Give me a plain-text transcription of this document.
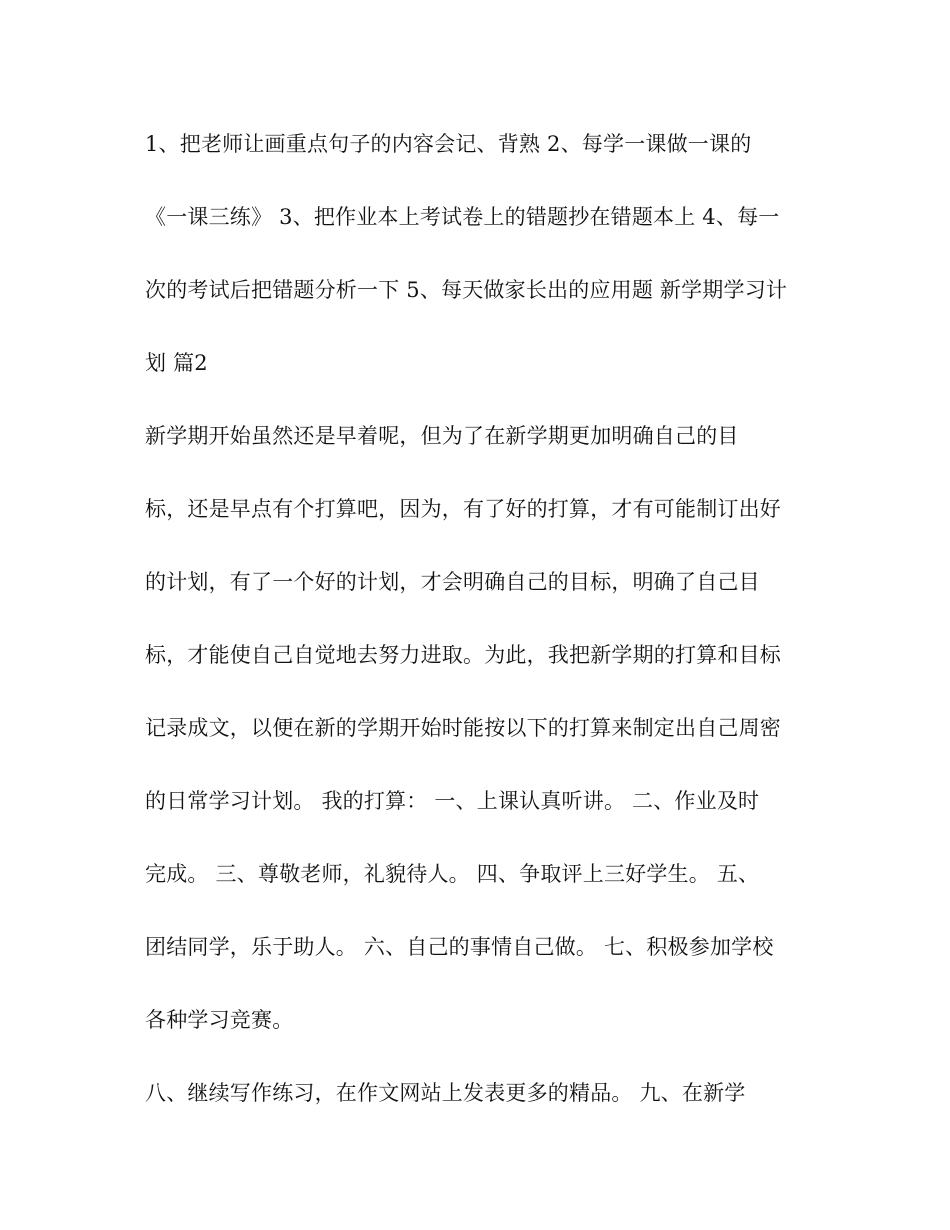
1、把老师让画重点句子的内容会记、背熟 2、每学一课做一课的
《一课三练》 3、把作业本上考试卷上的错题抄在错题本上 4、每一
次的考试后把错题分析一下 5、每天做家长出的应用题 新学期学习计
划 篇2
新学期开始虽然还是早着呢，但为了在新学期更加明确自己的目
标，还是早点有个打算吧，因为，有了好的打算，才有可能制订出好
的计划，有了一个好的计划，才会明确自己的目标，明确了自己目
标，才能使自己自觉地去努力进取。为此，我把新学期的打算和目标
记录成文，以便在新的学期开始时能按以下的打算来制定出自己周密
的日常学习计划。 我的打算： 一、上课认真听讲。 二、作业及时
完成。 三、尊敬老师，礼貌待人。 四、争取评上三好学生。 五、
团结同学，乐于助人。 六、自己的事情自己做。 七、积极参加学校
各种学习竞赛。
八、继续写作练习，在作文网站上发表更多的精品。 九、在新学
